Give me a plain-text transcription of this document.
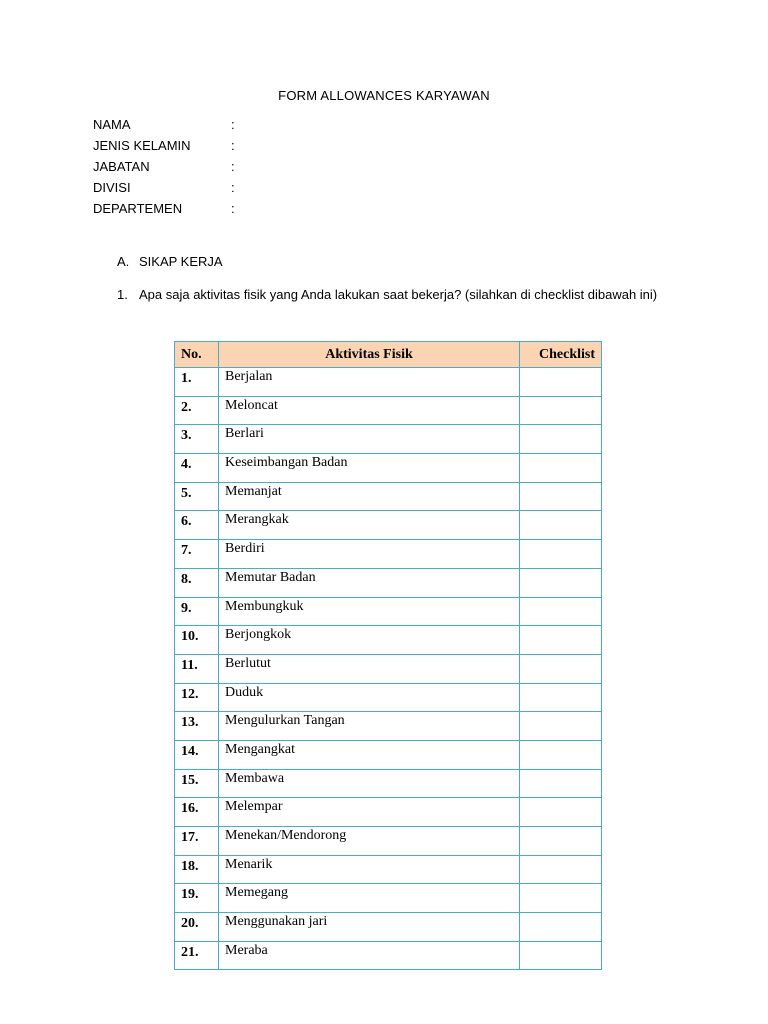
FORM ALLOWANCES KARYAWAN
NAMA	:
JENIS KELAMIN	:
JABATAN	:
DIVISI	:
DEPARTEMEN	:
A. SIKAP KERJA
1. Apa saja aktivitas fisik yang Anda lakukan saat bekerja? (silahkan di checklist dibawah ini)
No.	Aktivitas Fisik	Checklist
1.	Berjalan	
2.	Meloncat	
3.	Berlari	
4.	Keseimbangan Badan	
5.	Memanjat	
6.	Merangkak	
7.	Berdiri	
8.	Memutar Badan	
9.	Membungkuk	
10.	Berjongkok	
11.	Berlutut	
12.	Duduk	
13.	Mengulurkan Tangan	
14.	Mengangkat	
15.	Membawa	
16.	Melempar	
17.	Menekan/Mendorong	
18.	Menarik	
19.	Memegang	
20.	Menggunakan jari	
21.	Meraba	
